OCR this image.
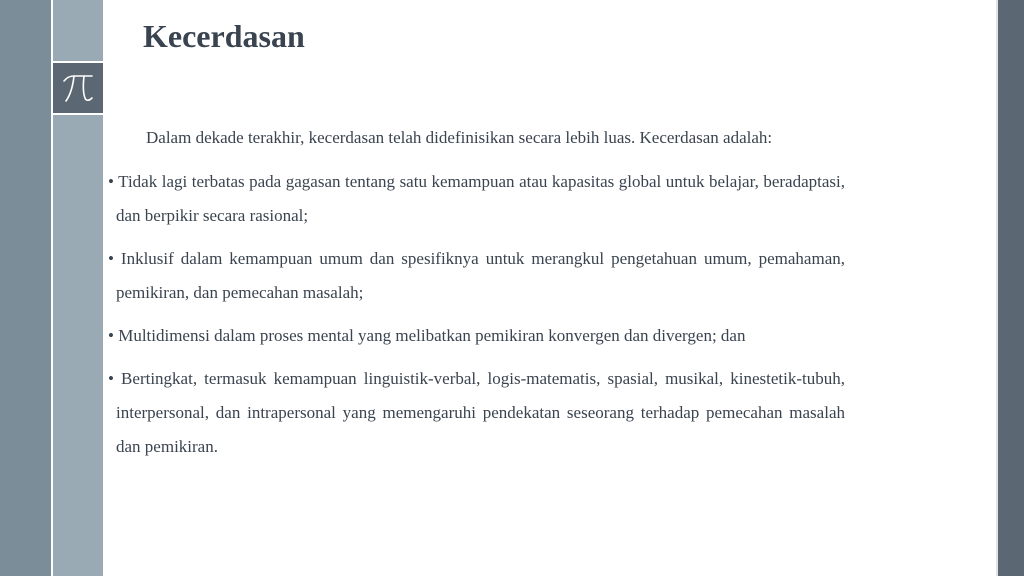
Kecerdasan

Dalam dekade terakhir, kecerdasan telah didefinisikan secara lebih luas. Kecerdasan adalah:

• Tidak lagi terbatas pada gagasan tentang satu kemampuan atau kapasitas global untuk belajar, beradaptasi, dan berpikir secara rasional;

• Inklusif dalam kemampuan umum dan spesifiknya untuk merangkul pengetahuan umum, pemahaman, pemikiran, dan pemecahan masalah;

• Multidimensi dalam proses mental yang melibatkan pemikiran konvergen dan divergen; dan

• Bertingkat, termasuk kemampuan linguistik-verbal, logis-matematis, spasial, musikal, kinestetik-tubuh, interpersonal, dan intrapersonal yang memengaruhi pendekatan seseorang terhadap pemecahan masalah dan pemikiran.
